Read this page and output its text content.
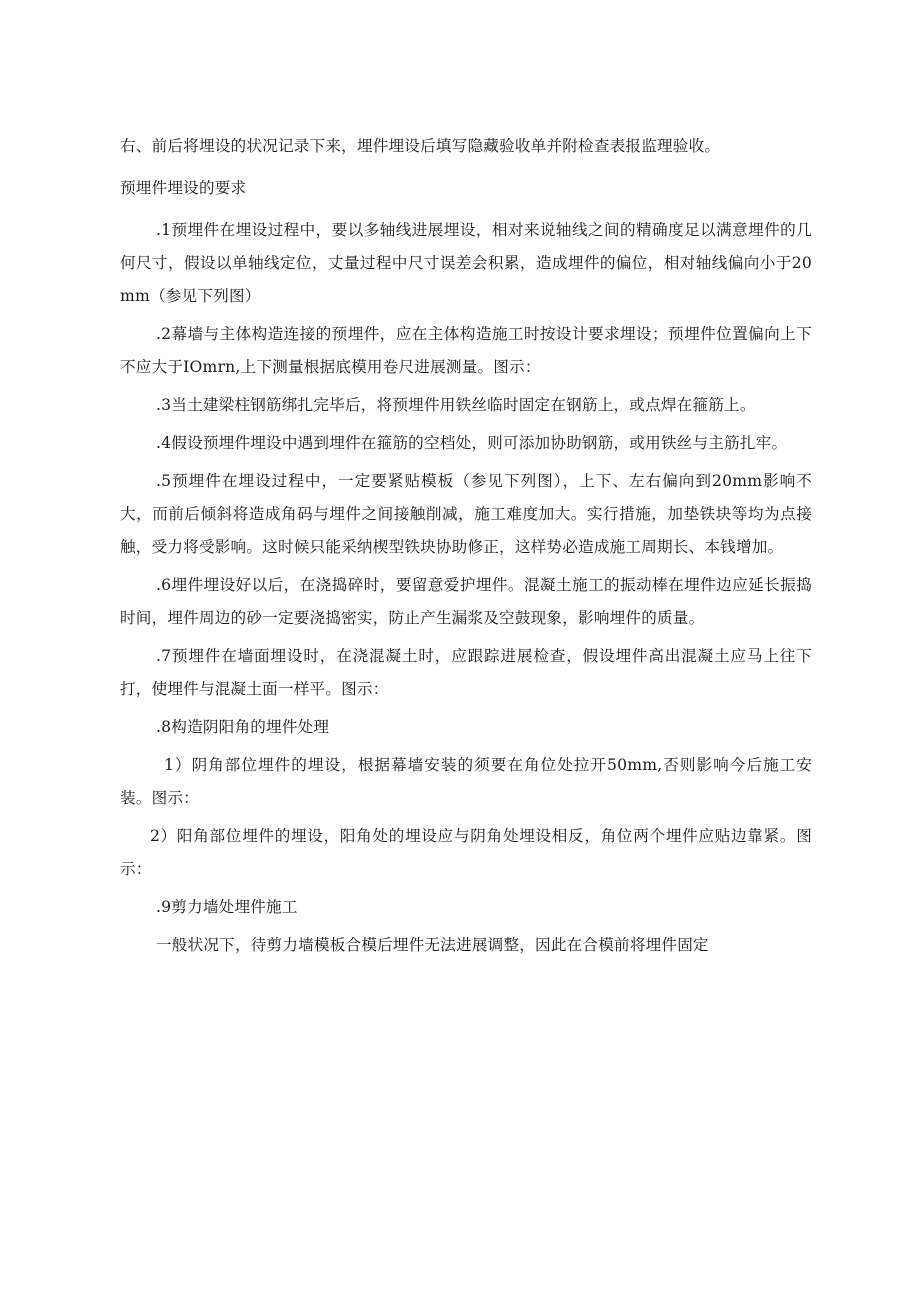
右、前后将埋设的状况记录下来，埋件埋设后填写隐藏验收单并附检查表报监理验收。

预埋件埋设的要求

.1预埋件在埋设过程中，要以多轴线进展埋设，相对来说轴线之间的精确度足以满意埋件的几何尺寸，假设以单轴线定位，丈量过程中尺寸误差会积累，造成埋件的偏位，相对轴线偏向小于20mm（参见下列图）

.2幕墙与主体构造连接的预埋件，应在主体构造施工时按设计要求埋设；预埋件位置偏向上下不应大于IOmrn,上下测量根据底模用卷尺进展测量。图示：

.3当土建梁柱钢筋绑扎完毕后，将预埋件用铁丝临时固定在钢筋上，或点焊在箍筋上。

.4假设预埋件埋设中遇到埋件在箍筋的空档处，则可添加协助钢筋，或用铁丝与主筋扎牢。

.5预埋件在埋设过程中，一定要紧贴模板（参见下列图），上下、左右偏向到20mm影响不大，而前后倾斜将造成角码与埋件之间接触削减，施工难度加大。实行措施，加垫铁块等均为点接触，受力将受影响。这时候只能采纳楔型铁块协助修正，这样势必造成施工周期长、本钱增加。

.6埋件埋设好以后，在浇捣碎时，要留意爱护埋件。混凝土施工的振动棒在埋件边应延长振捣时间，埋件周边的砂一定要浇捣密实，防止产生漏浆及空鼓现象，影响埋件的质量。

.7预埋件在墙面埋设时，在浇混凝土时，应跟踪进展检查，假设埋件高出混凝土应马上往下打，使埋件与混凝土面一样平。图示：

.8构造阴阳角的埋件处理

1）阴角部位埋件的埋设，根据幕墙安装的须要在角位处拉开50mm,否则影响今后施工安装。图示：

2）阳角部位埋件的埋设，阳角处的埋设应与阴角处埋设相反，角位两个埋件应贴边靠紧。图示：

.9剪力墙处埋件施工

一般状况下，待剪力墙模板合模后埋件无法进展调整，因此在合模前将埋件固定
